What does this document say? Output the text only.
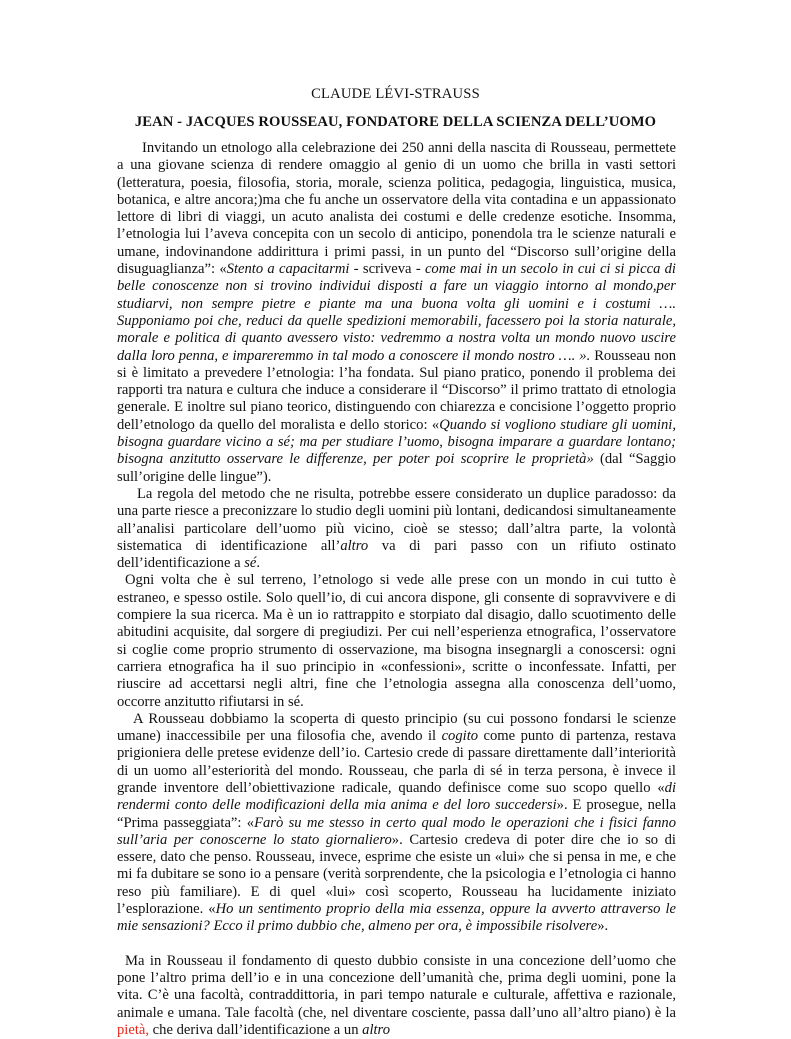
CLAUDE LÉVI-STRAUSS
JEAN - JACQUES ROUSSEAU, FONDATORE DELLA SCIENZA DELL’UOMO

Invitando un etnologo alla celebrazione dei 250 anni della nascita di Rousseau, permettete a una giovane scienza di rendere omaggio al genio di un uomo che brilla in vasti settori (letteratura, poesia, filosofia, storia, morale, scienza politica, pedagogia, linguistica, musica, botanica, e altre ancora;)ma che fu anche un osservatore della vita contadina e un appassionato lettore di libri di viaggi, un acuto analista dei costumi e delle credenze esotiche. Insomma, l’etnologia lui l’aveva concepita con un secolo di anticipo, ponendola tra le scienze naturali e umane, indovinandone addirittura i primi passi, in un punto del “Discorso sull’origine della disuguaglianza”: «Stento a capacitarmi - scriveva - come mai in un secolo in cui ci si picca di belle conoscenze non si trovino individui disposti a fare un viaggio intorno al mondo,per studiarvi, non sempre pietre e piante ma una buona volta gli uomini e i costumi …. Supponiamo poi che, reduci da quelle spedizioni memorabili, facessero poi la storia naturale, morale e politica di quanto avessero visto: vedremmo a nostra volta un mondo nuovo uscire dalla loro penna, e impareremmo in tal modo a conoscere il mondo nostro …. ». Rousseau non si è limitato a prevedere l’etnologia: l’ha fondata. Sul piano pratico, ponendo il problema dei rapporti tra natura e cultura che induce a considerare il “Discorso” il primo trattato di etnologia generale. E inoltre sul piano teorico, distinguendo con chiarezza e concisione l’oggetto proprio dell’etnologo da quello del moralista e dello storico: «Quando si vogliono studiare gli uomini, bisogna guardare vicino a sé; ma per studiare l’uomo, bisogna imparare a guardare lontano; bisogna anzitutto osservare le differenze, per poter poi scoprire le proprietà» (dal “Saggio sull’origine delle lingue”).

La regola del metodo che ne risulta, potrebbe essere considerato un duplice paradosso: da una parte riesce a preconizzare lo studio degli uomini più lontani, dedicandosi simultaneamente all’analisi particolare dell’uomo più vicino, cioè se stesso; dall’altra parte, la volontà sistematica di identificazione all’altro va di pari passo con un rifiuto ostinato dell’identificazione a sé.

Ogni volta che è sul terreno, l’etnologo si vede alle prese con un mondo in cui tutto è estraneo, e spesso ostile. Solo quell’io, di cui ancora dispone, gli consente di sopravvivere e di compiere la sua ricerca. Ma è un io rattrappito e storpiato dal disagio, dallo scuotimento delle abitudini acquisite, dal sorgere di pregiudizi. Per cui nell’esperienza etnografica, l’osservatore si coglie come proprio strumento di osservazione, ma bisogna insegnargli a conoscersi: ogni carriera etnografica ha il suo principio in «confessioni», scritte o inconfessate. Infatti, per riuscire ad accettarsi negli altri, fine che l’etnologia assegna alla conoscenza dell’uomo, occorre anzitutto rifiutarsi in sé.

A Rousseau dobbiamo la scoperta di questo principio (su cui possono fondarsi le scienze umane) inaccessibile per una filosofia che, avendo il cogito come punto di partenza, restava prigioniera delle pretese evidenze dell’io. Cartesio crede di passare direttamente dall’interiorità di un uomo all’esteriorità del mondo. Rousseau, che parla di sé in terza persona, è invece il grande inventore dell’obiettivazione radicale, quando definisce come suo scopo quello «di rendermi conto delle modificazioni della mia anima e del loro succedersi». E prosegue, nella “Prima passeggiata”: «Farò su me stesso in certo qual modo le operazioni che i fisici fanno sull’aria per conoscerne lo stato giornaliero». Cartesio credeva di poter dire che io so di essere, dato che penso. Rousseau, invece, esprime che esiste un «lui» che si pensa in me, e che mi fa dubitare se sono io a pensare (verità sorprendente, che la psicologia e l’etnologia ci hanno reso più familiare). E di quel «lui» così scoperto, Rousseau ha lucidamente iniziato l’esplorazione. «Ho un sentimento proprio della mia essenza, oppure la avverto attraverso le mie sensazioni? Ecco il primo dubbio che, almeno per ora, è impossibile risolvere».

Ma in Rousseau il fondamento di questo dubbio consiste in una concezione dell’uomo che pone l’altro prima dell’io e in una concezione dell’umanità che, prima degli uomini, pone la vita. C’è una facoltà, contraddittoria, in pari tempo naturale e culturale, affettiva e razionale, animale e umana. Tale facoltà (che, nel diventare cosciente, passa dall’uno all’altro piano) è la pietà, che deriva dall’identificazione a un altro
